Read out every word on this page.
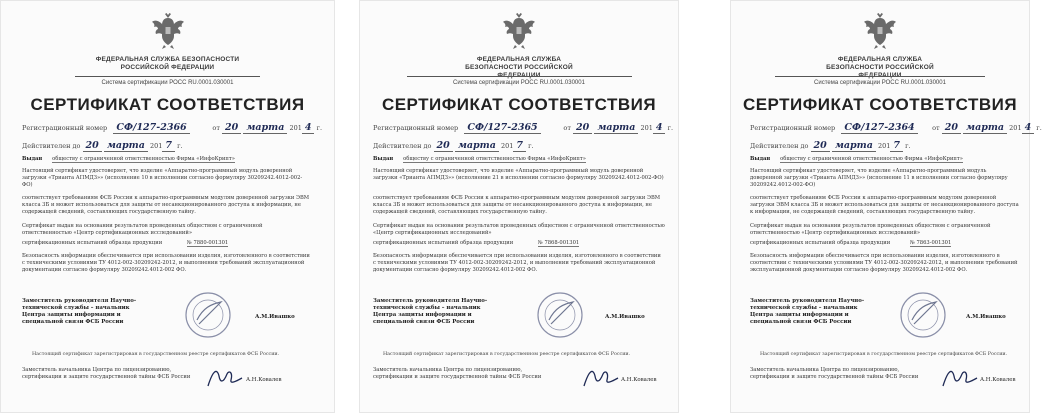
ФЕДЕРАЛЬНАЯ СЛУЖБА БЕЗОПАСНОСТИ РОССИЙСКОЙ ФЕДЕРАЦИИ
Система сертификации РОСС RU.0001.030001
СЕРТИФИКАТ СООТВЕТСТВИЯ
Регистрационный номер СФ/127-2366	от 20 марта 201 4 г.
Действителен до 20 марта 201 7 г.
Выдан обществу с ограниченной ответственностью Фирма «ИнфоКрипт»
Настоящий сертификат удостоверяет, что изделие «Аппаратно-программный модуль доверенной загрузки «Трианта АПМДЗ»» (исполнение 10 в исполнении согласно формуляру 30209242.4012-002-ФО)
соответствует требованиям ФСБ России к аппаратно-программным модулям доверенной загрузки ЭВМ класса 3Б и может использоваться для защиты от несанкционированного доступа к информации, не содержащей сведений, составляющих государственную тайну.
Сертификат выдан на основании результатов проведенных обществом с ограниченной ответственностью «Центр сертификационных исследований»
сертификационных испытаний образца продукции	№ 7880-001301
Безопасность информации обеспечивается при использовании изделия, изготовленного в соответствии с техническими условиями ТУ 4012-002-30209242-2012, и выполнении требований эксплуатационной документации согласно формуляру 30209242.4012-002 ФО.
Заместитель руководителя Научно-технической службы – начальник Центра защиты информации и специальной связи ФСБ России
А.М.Ивашко
Настоящий сертификат зарегистрирован в государственном реестре сертификатов ФСБ России.
Заместитель начальника Центра по лицензированию, сертификации и защите государственной тайны ФСБ России
А.Н.Ковалев
ФЕДЕРАЛЬНАЯ СЛУЖБА БЕЗОПАСНОСТИ РОССИЙСКОЙ
Система сертификации РОСС RU.0001.030001
СЕРТИФИКАТ СООТВЕТСТВИЯ
Регистрационный номер СФ/127-2365	от 20 марта 201 4 г.
Действителен до 20 марта 201 7 г.
Выдан обществу с ограниченной ответственностью Фирма «ИнфоКрипт»
Настоящий сертификат удостоверяет, что изделие «Аппаратно-программный модуль доверенной загрузки «Трианта АПМДЗ»» (исполнение 21 в исполнении согласно формуляру 30209242.4012-002-ФО)
соответствует требованиям ФСБ России к аппаратно-программным модулям доверенной загрузки ЭВМ класса 3Б и может использоваться для защиты от несанкционированного доступа к информации, не содержащей сведений, составляющих государственную тайну.
Сертификат выдан на основании результатов проведенных обществом с ограниченной ответственностью «Центр сертификационных исследований»
сертификационных испытаний образца продукции	№ 7868-001301
Безопасность информации обеспечивается при использовании изделия, изготовленного в соответствии с техническими условиями ТУ 4012-002-30209242-2012, и выполнении требований эксплуатационной документации согласно формуляру 30209242.4012-002 ФО.
Заместитель руководителя Научно-технической службы – начальник Центра защиты информации и специальной связи ФСБ России
А.М.Ивашко
Настоящий сертификат зарегистрирован в государственном реестре сертификатов ФСБ России.
Заместитель начальника Центра по лицензированию, сертификации и защите государственной тайны ФСБ России
А.Н.Ковалев
ФЕДЕРАЛЬНАЯ СЛУЖБА БЕЗОПАСНОСТИ РОССИЙСКОЙ
Система сертификации РОСС RU.0001.030001
СЕРТИФИКАТ СООТВЕТСТВИЯ
Регистрационный номер СФ/127-2364	от 20 марта 201 4 г.
Действителен до 20 марта 201 7 г.
Выдан обществу с ограниченной ответственностью Фирма «ИнфоКрипт»
Настоящий сертификат удостоверяет, что изделие «Аппаратно-программный модуль доверенной загрузки «Трианта АПМДЗ»» (исполнение 11 в исполнении согласно формуляру 30209242.4012-002-ФО)
соответствует требованиям ФСБ России к аппаратно-программным модулям доверенной загрузки ЭВМ класса 3Б и может использоваться для защиты от несанкционированного доступа к информации, не содержащей сведений, составляющих государственную тайну.
Сертификат выдан на основании результатов проведенных обществом с ограниченной ответственностью «Центр сертификационных исследований»
сертификационных испытаний образца продукции	№ 7863-001301
Безопасность информации обеспечивается при использовании изделия, изготовленного в соответствии с техническими условиями ТУ 4012-002-30209242-2012, и выполнении требований эксплуатационной документации согласно формуляру 30209242.4012-002 ФО.
Заместитель руководителя Научно-технической службы – начальник Центра защиты информации и специальной связи ФСБ России
А.М.Ивашко
Настоящий сертификат зарегистрирован в государственном реестре сертификатов ФСБ России.
Заместитель начальника Центра по лицензированию, сертификации и защите государственной тайны ФСБ России
А.Н.Ковалев
